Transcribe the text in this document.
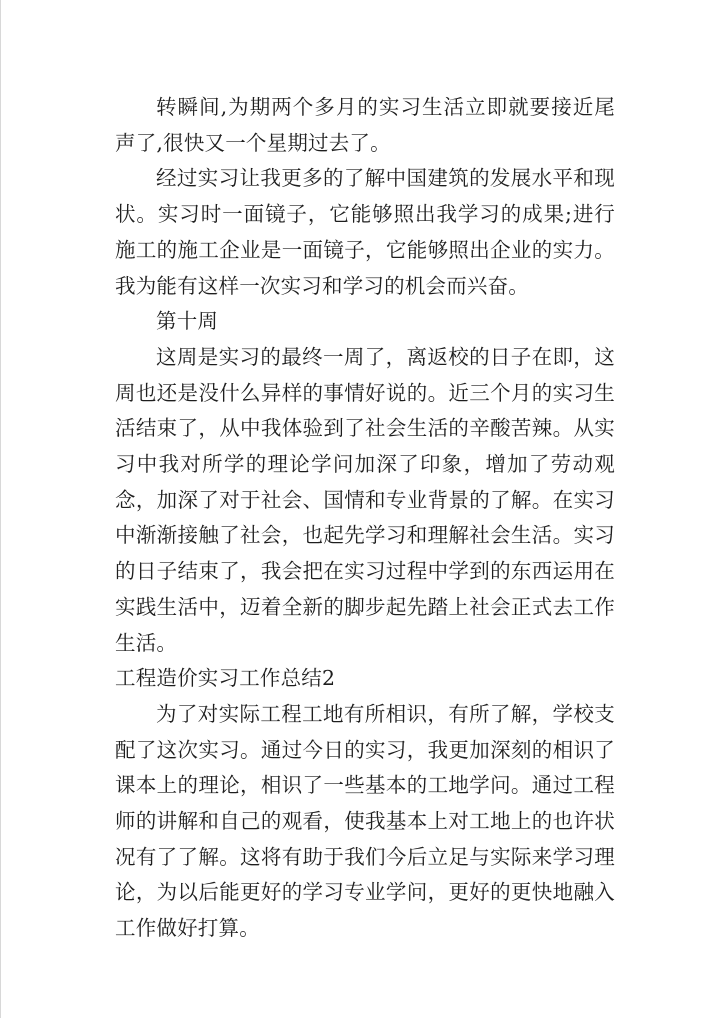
转瞬间,为期两个多月的实习生活立即就要接近尾声了,很快又一个星期过去了。

经过实习让我更多的了解中国建筑的发展水平和现状。实习时一面镜子，它能够照出我学习的成果;进行施工的施工企业是一面镜子，它能够照出企业的实力。我为能有这样一次实习和学习的机会而兴奋。

第十周

这周是实习的最终一周了，离返校的日子在即，这周也还是没什么异样的事情好说的。近三个月的实习生活结束了，从中我体验到了社会生活的辛酸苦辣。从实习中我对所学的理论学问加深了印象，增加了劳动观念，加深了对于社会、国情和专业背景的了解。在实习中渐渐接触了社会，也起先学习和理解社会生活。实习的日子结束了，我会把在实习过程中学到的东西运用在实践生活中，迈着全新的脚步起先踏上社会正式去工作生活。

工程造价实习工作总结2

为了对实际工程工地有所相识，有所了解，学校支配了这次实习。通过今日的实习，我更加深刻的相识了课本上的理论，相识了一些基本的工地学问。通过工程师的讲解和自己的观看，使我基本上对工地上的也许状况有了了解。这将有助于我们今后立足与实际来学习理论，为以后能更好的学习专业学问，更好的更快地融入工作做好打算。
